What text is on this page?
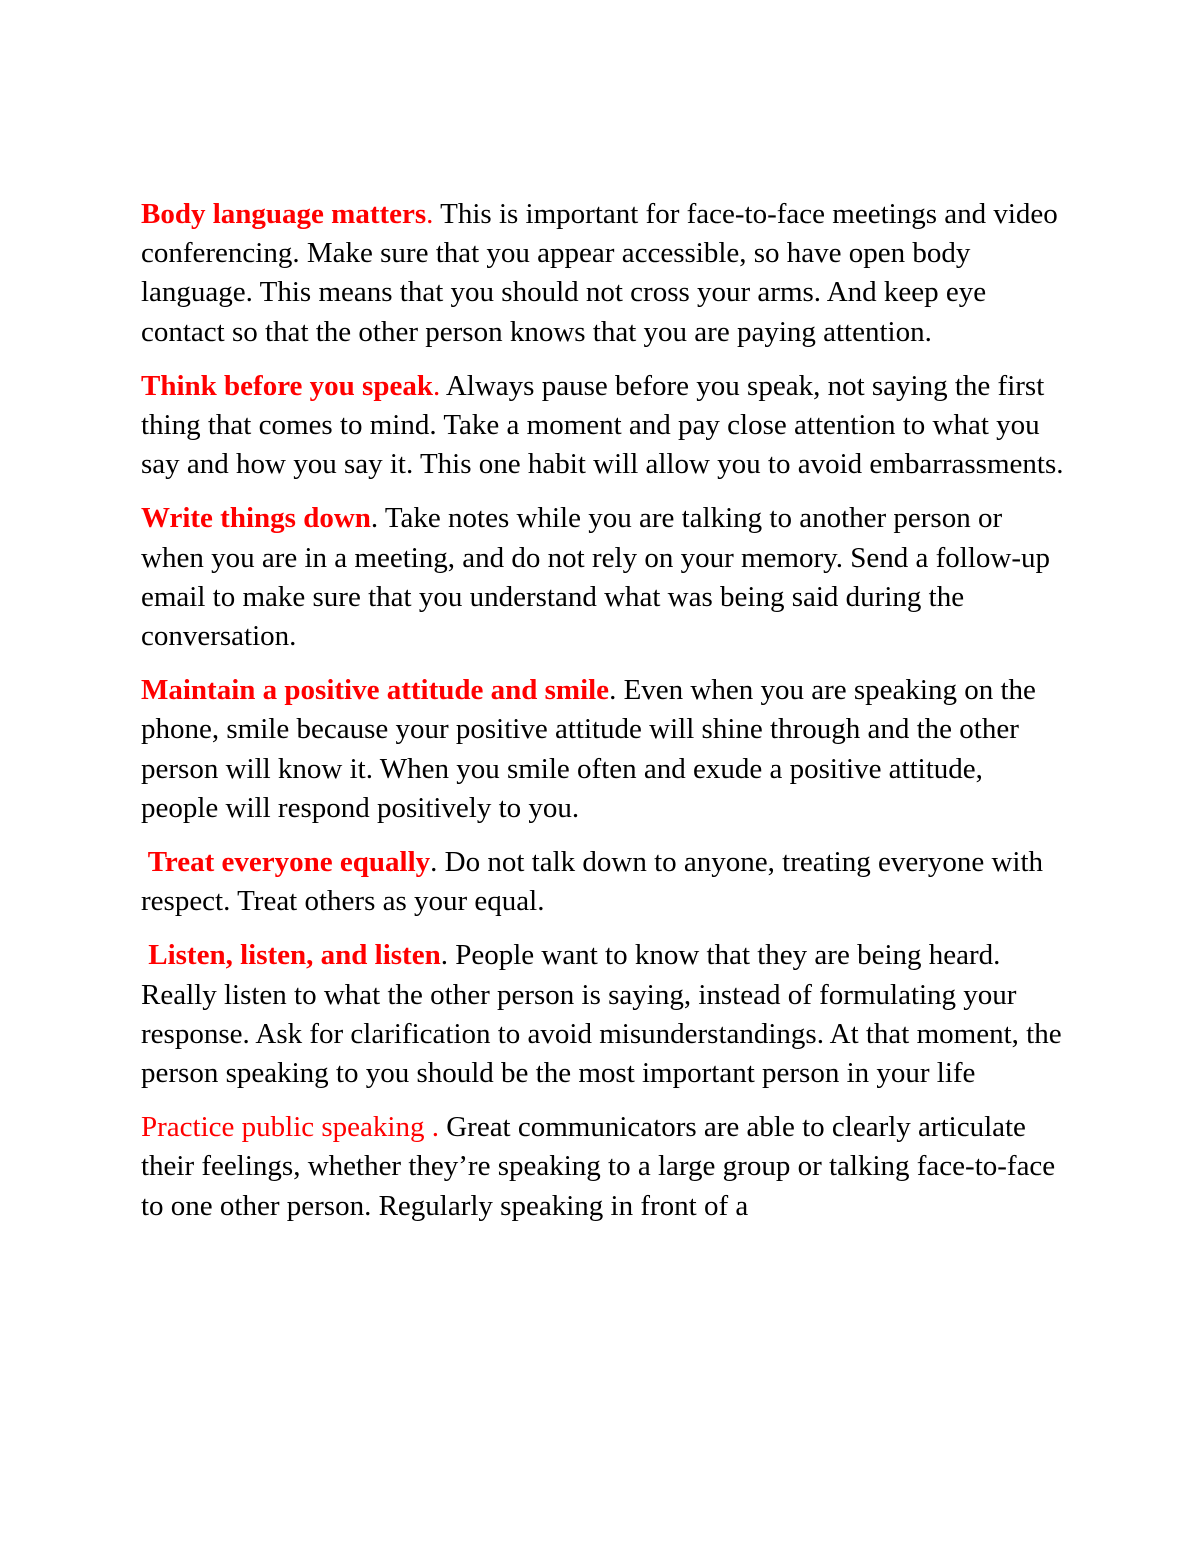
Body language matters. This is important for face-to-face meetings and video conferencing. Make sure that you appear accessible, so have open body language. This means that you should not cross your arms. And keep eye contact so that the other person knows that you are paying attention.

Think before you speak. Always pause before you speak, not saying the first thing that comes to mind. Take a moment and pay close attention to what you say and how you say it. This one habit will allow you to avoid embarrassments.

Write things down. Take notes while you are talking to another person or when you are in a meeting, and do not rely on your memory. Send a follow-up email to make sure that you understand what was being said during the conversation.

Maintain a positive attitude and smile. Even when you are speaking on the phone, smile because your positive attitude will shine through and the other person will know it. When you smile often and exude a positive attitude, people will respond positively to you.

Treat everyone equally. Do not talk down to anyone, treating everyone with respect. Treat others as your equal.

Listen, listen, and listen. People want to know that they are being heard. Really listen to what the other person is saying, instead of formulating your response. Ask for clarification to avoid misunderstandings. At that moment, the person speaking to you should be the most important person in your life

Practice public speaking . Great communicators are able to clearly articulate their feelings, whether they’re speaking to a large group or talking face-to-face to one other person. Regularly speaking in front of a
